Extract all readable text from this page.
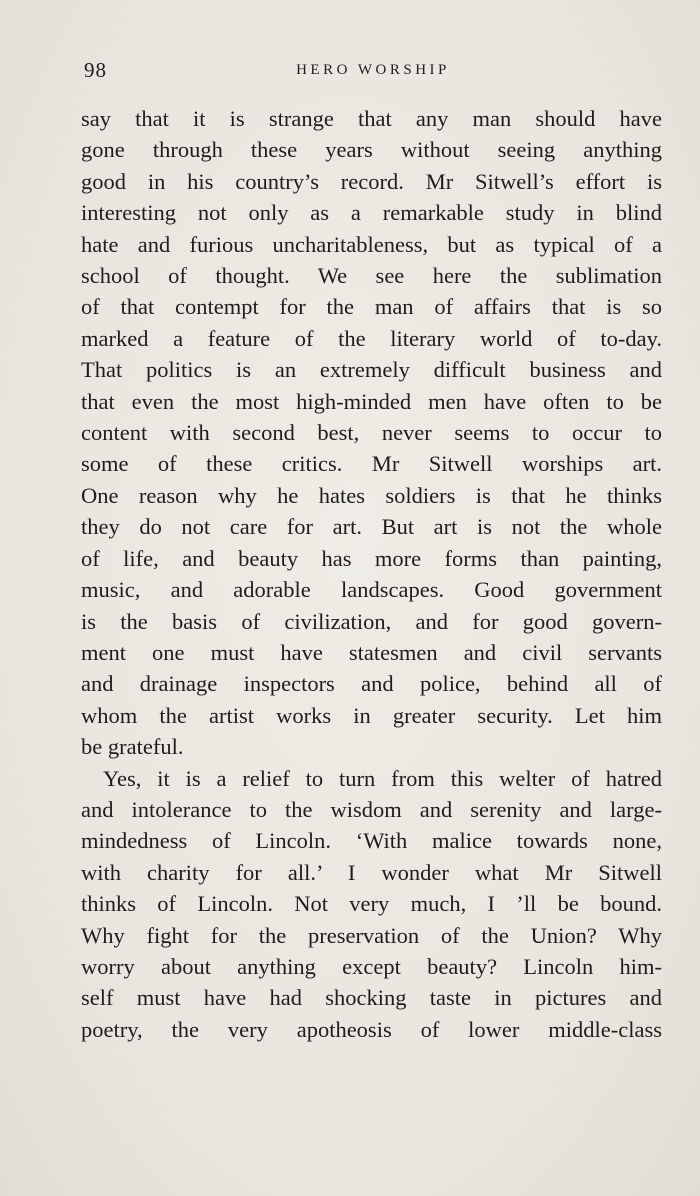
98	HERO WORSHIP
say that it is strange that any man should have
gone through these years without seeing anything
good in his country’s record. Mr Sitwell’s effort is
interesting not only as a remarkable study in blind
hate and furious uncharitableness, but as typical of a
school of thought. We see here the sublimation
of that contempt for the man of affairs that is so
marked a feature of the literary world of to-day.
That politics is an extremely difficult business and
that even the most high-minded men have often to be
content with second best, never seems to occur to
some of these critics. Mr Sitwell worships art.
One reason why he hates soldiers is that he thinks
they do not care for art. But art is not the whole
of life, and beauty has more forms than painting,
music, and adorable landscapes. Good government
is the basis of civilization, and for good govern-
ment one must have statesmen and civil servants
and drainage inspectors and police, behind all of
whom the artist works in greater security. Let him
be grateful.
Yes, it is a relief to turn from this welter of hatred
and intolerance to the wisdom and serenity and large-
mindedness of Lincoln. ‘With malice towards none,
with charity for all.’ I wonder what Mr Sitwell
thinks of Lincoln. Not very much, I ’ll be bound.
Why fight for the preservation of the Union? Why
worry about anything except beauty? Lincoln him-
self must have had shocking taste in pictures and
poetry, the very apotheosis of lower middle-class
